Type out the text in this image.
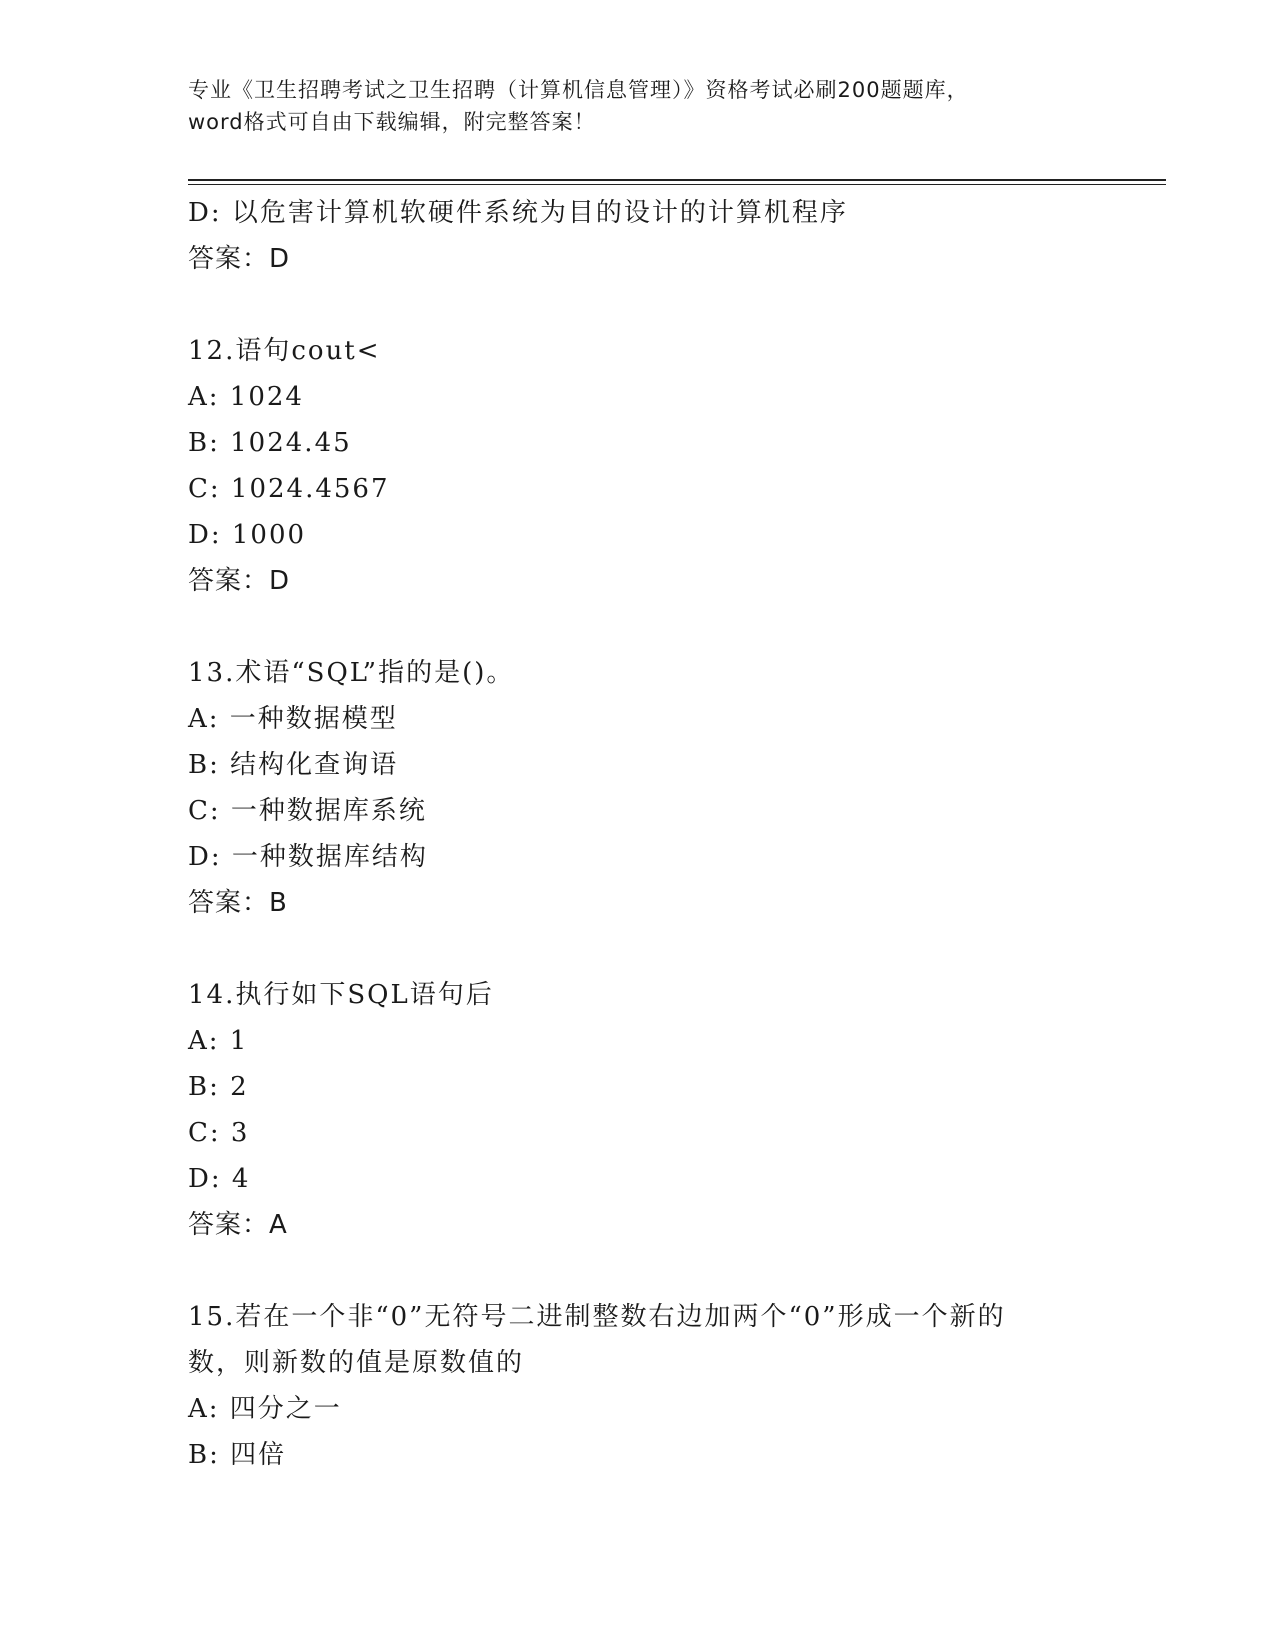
专业《卫生招聘考试之卫生招聘（计算机信息管理）》资格考试必刷200题题库，
word格式可自由下载编辑，附完整答案！
D: 以危害计算机软硬件系统为目的设计的计算机程序
答案：D
12.语句cout<
A: 1024
B: 1024.45
C: 1024.4567
D: 1000
答案：D
13.术语“SQL”指的是()。
A: 一种数据模型
B: 结构化查询语
C: 一种数据库系统
D: 一种数据库结构
答案：B
14.执行如下SQL语句后
A: 1
B: 2
C: 3
D: 4
答案：A
15.若在一个非“0”无符号二进制整数右边加两个“0”形成一个新的
数，则新数的值是原数值的
A: 四分之一
B: 四倍
